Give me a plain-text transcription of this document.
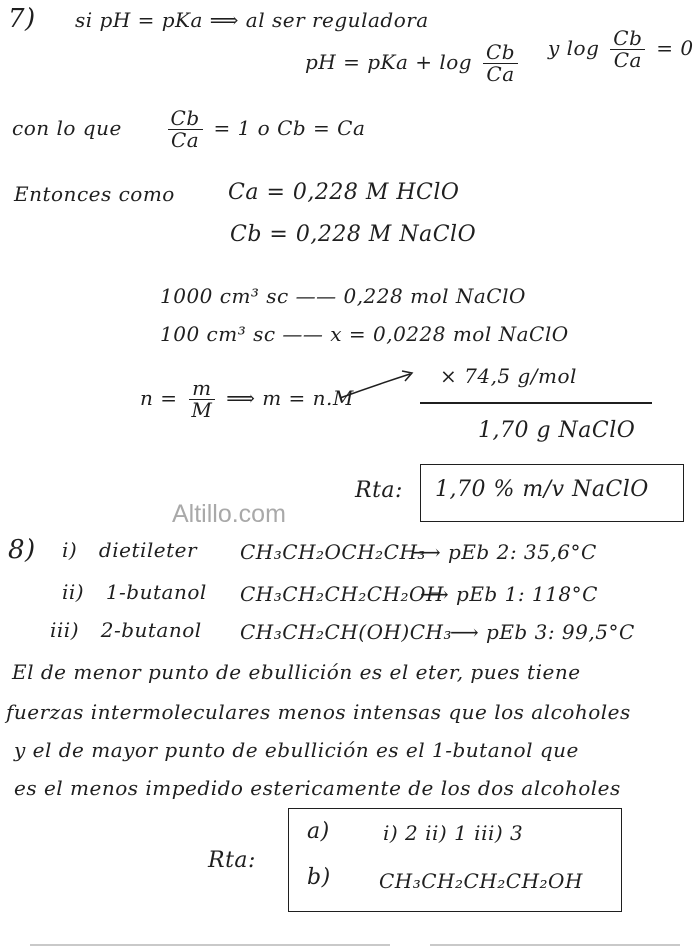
7) si pH = pKa ⟹ al ser reguladora
pH = pKa + $\log \frac{Cb}{Ca}$ y $\log \frac{Cb}{Ca} = 0$
con lo que $\frac{Cb}{Ca} = 1$ o Cb = Ca
Entonces como Ca = 0,228 M HClO
Cb = 0,228 M NaClO
1000 cm³ sc —— 0,228 mol NaClO
100 cm³ sc —— x = 0,0228 mol NaClO
$n = \frac{m}{M}$ ⟹ m = n.M
× 74,5 g/mol
1,70 g NaClO
Rta: 1,70 % m/v NaClO
Altillo.com
8) i) dietileter CH₃CH₂OCH₂CH₃
⟶ pEb 2: 35,6°C
ii) 1-butanol CH₃CH₂CH₂CH₂OH
⟶ pEb 1: 118°C
iii) 2-butanol CH₃CH₂CH(OH)CH₃
⟶ pEb 3: 99,5°C
El de menor punto de ebullición es el eter, pues tiene
fuerzas intermoleculares menos intensas que los alcoholes
y el de mayor punto de ebullición es el 1-butanol que
es el menos impedido estericamente de los dos alcoholes
Rta:
a)	i) 2 ii) 1 iii) 3
b) CH₃CH₂CH₂CH₂OH
